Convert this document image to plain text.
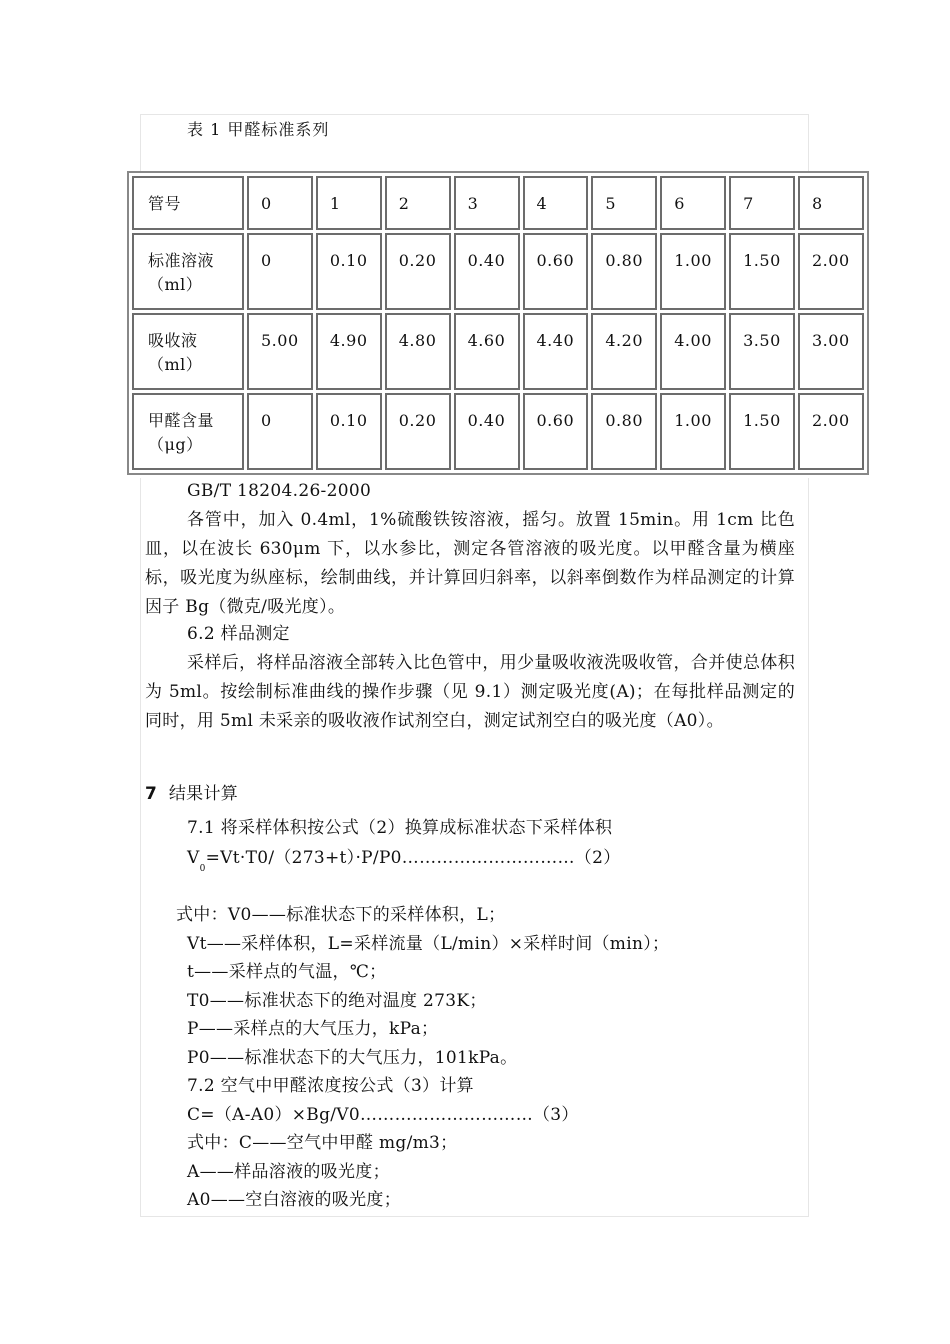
表 1 甲醛标准系列
管号	0	1	2	3	4	5	6	7	8
标准溶液（ml）	0	0.10	0.20	0.40	0.60	0.80	1.00	1.50	2.00
吸收液（ml）	5.00	4.90	4.80	4.60	4.40	4.20	4.00	3.50	3.00
甲醛含量（μg）	0	0.10	0.20	0.40	0.60	0.80	1.00	1.50	2.00
GB/T 18204.26-2000
各管中，加入 0.4ml，1%硫酸铁铵溶液，摇匀。放置 15min。用 1cm 比色皿，以在波长 630μm 下，以水参比，测定各管溶液的吸光度。以甲醛含量为横座标，吸光度为纵座标，绘制曲线，并计算回归斜率，以斜率倒数作为样品测定的计算因子 Bg（微克/吸光度）。
6.2 样品测定
采样后，将样品溶液全部转入比色管中，用少量吸收液洗吸收管，合并使总体积为 5ml。按绘制标准曲线的操作步骤（见 9.1）测定吸光度(A)；在每批样品测定的同时，用 5ml 未采亲的吸收液作试剂空白，测定试剂空白的吸光度（A0）。
7 结果计算
7.1 将采样体积按公式（2）换算成标准状态下采样体积
$V_0=Vt\cdot T0/(273+t)\cdot P/P0\dots\dots\dots\dots\dots\dots\dots\dots\dots\dots(2)$
式中：V0——标准状态下的采样体积，L；
Vt——采样体积，L=采样流量（L/min）×采样时间（min）；
t——采样点的气温，℃；
T0——标准状态下的绝对温度 273K；
P——采样点的大气压力，kPa；
P0——标准状态下的大气压力，101kPa。
7.2 空气中甲醛浓度按公式（3）计算
C=（A-A0）×Bg/V0…………………………（3）
式中：C——空气中甲醛 mg/m3；
A——样品溶液的吸光度；
A0——空白溶液的吸光度；
